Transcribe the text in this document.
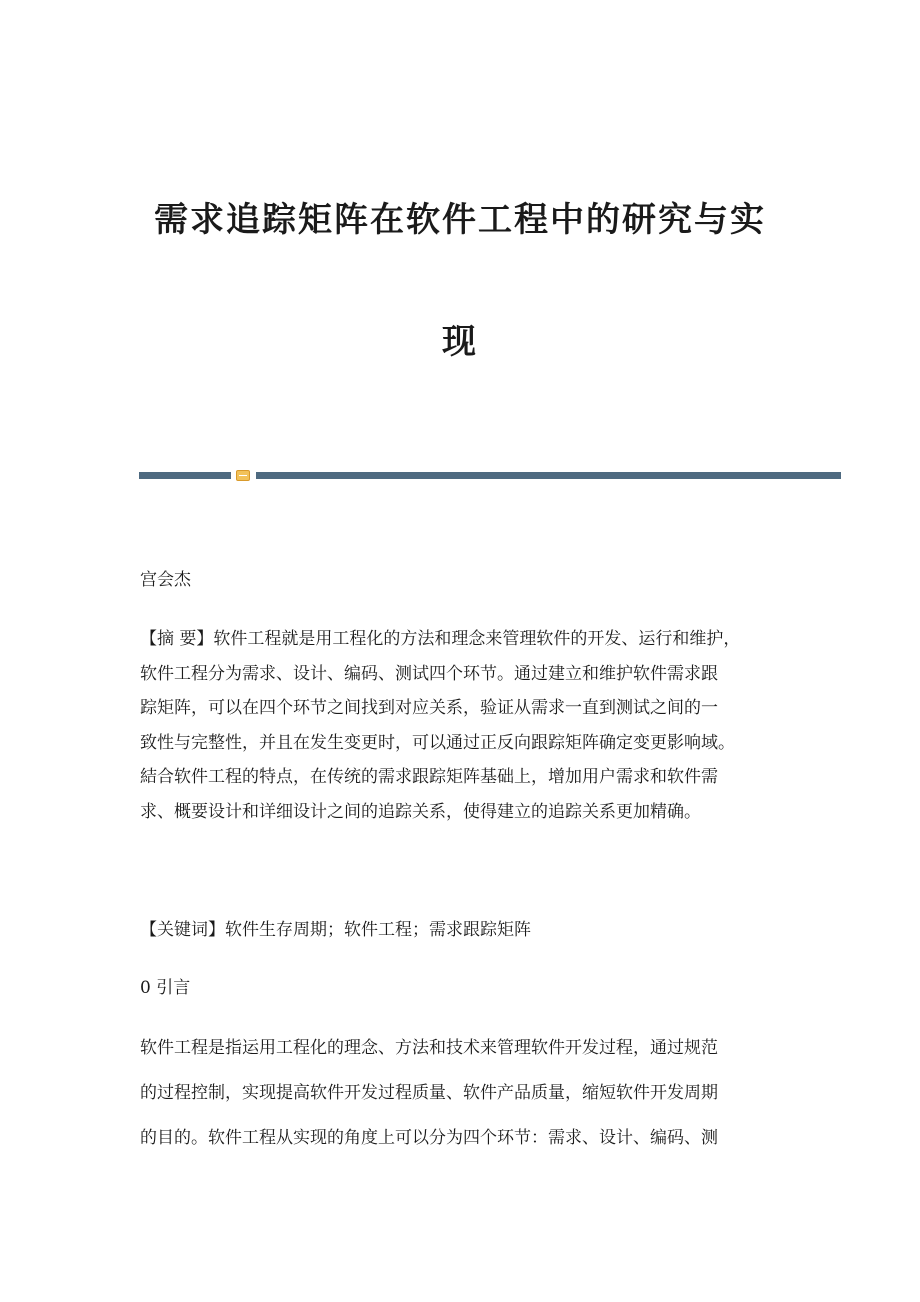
需求追踪矩阵在软件工程中的研究与实
现

宫会杰

【摘 要】软件工程就是用工程化的方法和理念来管理软件的开发、运行和维护，
软件工程分为需求、设计、编码、测试四个环节。通过建立和维护软件需求跟
踪矩阵，可以在四个环节之间找到对应关系，验证从需求一直到测试之间的一
致性与完整性，并且在发生变更时，可以通过正反向跟踪矩阵确定变更影响域。
結合软件工程的特点，在传统的需求跟踪矩阵基础上，增加用户需求和软件需
求、概要设计和详细设计之间的追踪关系，使得建立的追踪关系更加精确。

【关键词】软件生存周期；软件工程；需求跟踪矩阵

0 引言
软件工程是指运用工程化的理念、方法和技术来管理软件开发过程，通过规范
的过程控制，实现提高软件开发过程质量、软件产品质量，缩短软件开发周期
的目的。软件工程从实现的角度上可以分为四个环节：需求、设计、编码、测
